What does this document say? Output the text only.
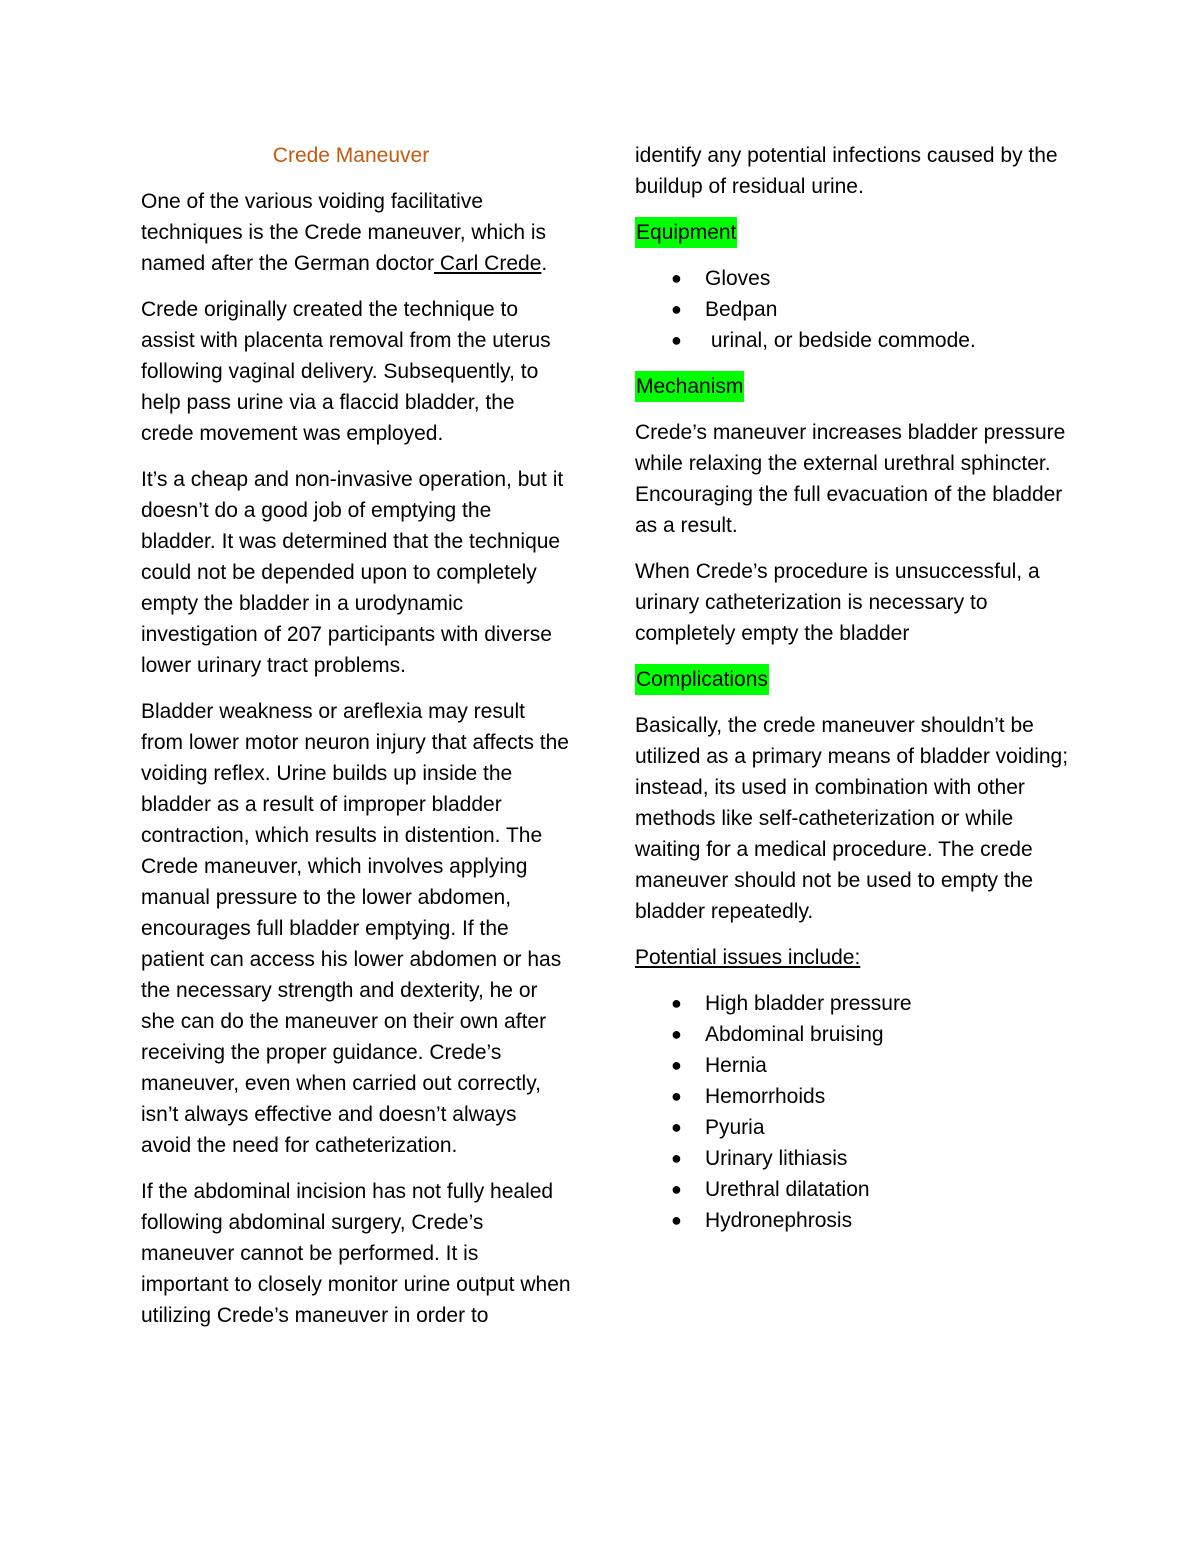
Crede Maneuver

One of the various voiding facilitative techniques is the Crede maneuver, which is named after the German doctor Carl Crede.

Crede originally created the technique to assist with placenta removal from the uterus following vaginal delivery. Subsequently, to help pass urine via a flaccid bladder, the crede movement was employed.

It’s a cheap and non-invasive operation, but it doesn’t do a good job of emptying the bladder. It was determined that the technique could not be depended upon to completely empty the bladder in a urodynamic investigation of 207 participants with diverse lower urinary tract problems.

Bladder weakness or areflexia may result from lower motor neuron injury that affects the voiding reflex. Urine builds up inside the bladder as a result of improper bladder contraction, which results in distention. The Crede maneuver, which involves applying manual pressure to the lower abdomen, encourages full bladder emptying. If the patient can access his lower abdomen or has the necessary strength and dexterity, he or she can do the maneuver on their own after receiving the proper guidance. Crede’s maneuver, even when carried out correctly, isn’t always effective and doesn’t always avoid the need for catheterization.

If the abdominal incision has not fully healed following abdominal surgery, Crede’s maneuver cannot be performed. It is important to closely monitor urine output when utilizing Crede’s maneuver in order to

identify any potential infections caused by the buildup of residual urine.

Equipment
● Gloves
● Bedpan
● urinal, or bedside commode.
Mechanism

Crede’s maneuver increases bladder pressure while relaxing the external urethral sphincter. Encouraging the full evacuation of the bladder as a result.

When Crede’s procedure is unsuccessful, a urinary catheterization is necessary to completely empty the bladder

Complications

Basically, the crede maneuver shouldn’t be utilized as a primary means of bladder voiding; instead, its used in combination with other methods like self-catheterization or while waiting for a medical procedure. The crede maneuver should not be used to empty the bladder repeatedly.

Potential issues include:

● High bladder pressure
● Abdominal bruising
● Hernia
● Hemorrhoids
● Pyuria
● Urinary lithiasis
● Urethral dilatation
● Hydronephrosis
